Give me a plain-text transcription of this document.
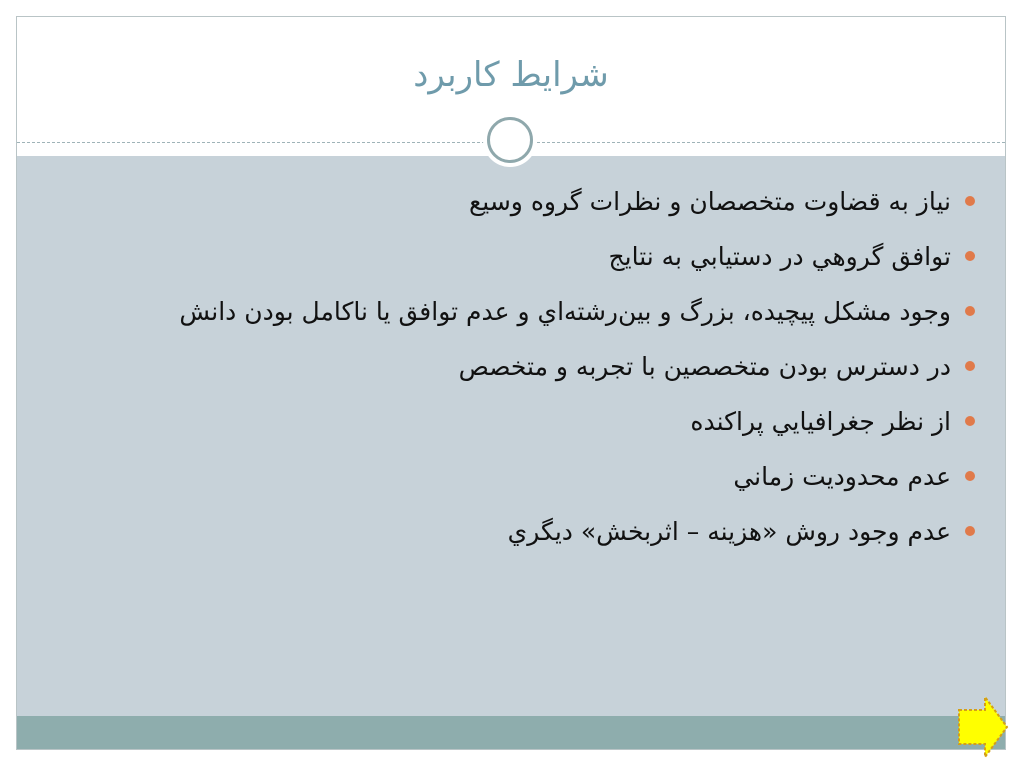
شرايط كاربرد
نياز به قضاوت متخصصان و نظرات گروه وسيع
توافق گروهي در دستيابي به نتايج
وجود مشكل پيچيده، بزرگ و بين‌رشته‌اي و عدم توافق يا ناكامل بودن دانش
در دسترس بودن متخصصين با تجربه و متخصص
از نظر جغرافيايي پراكنده
عدم محدوديت زماني
عدم وجود روش «هزينه – اثربخش» ديگري
